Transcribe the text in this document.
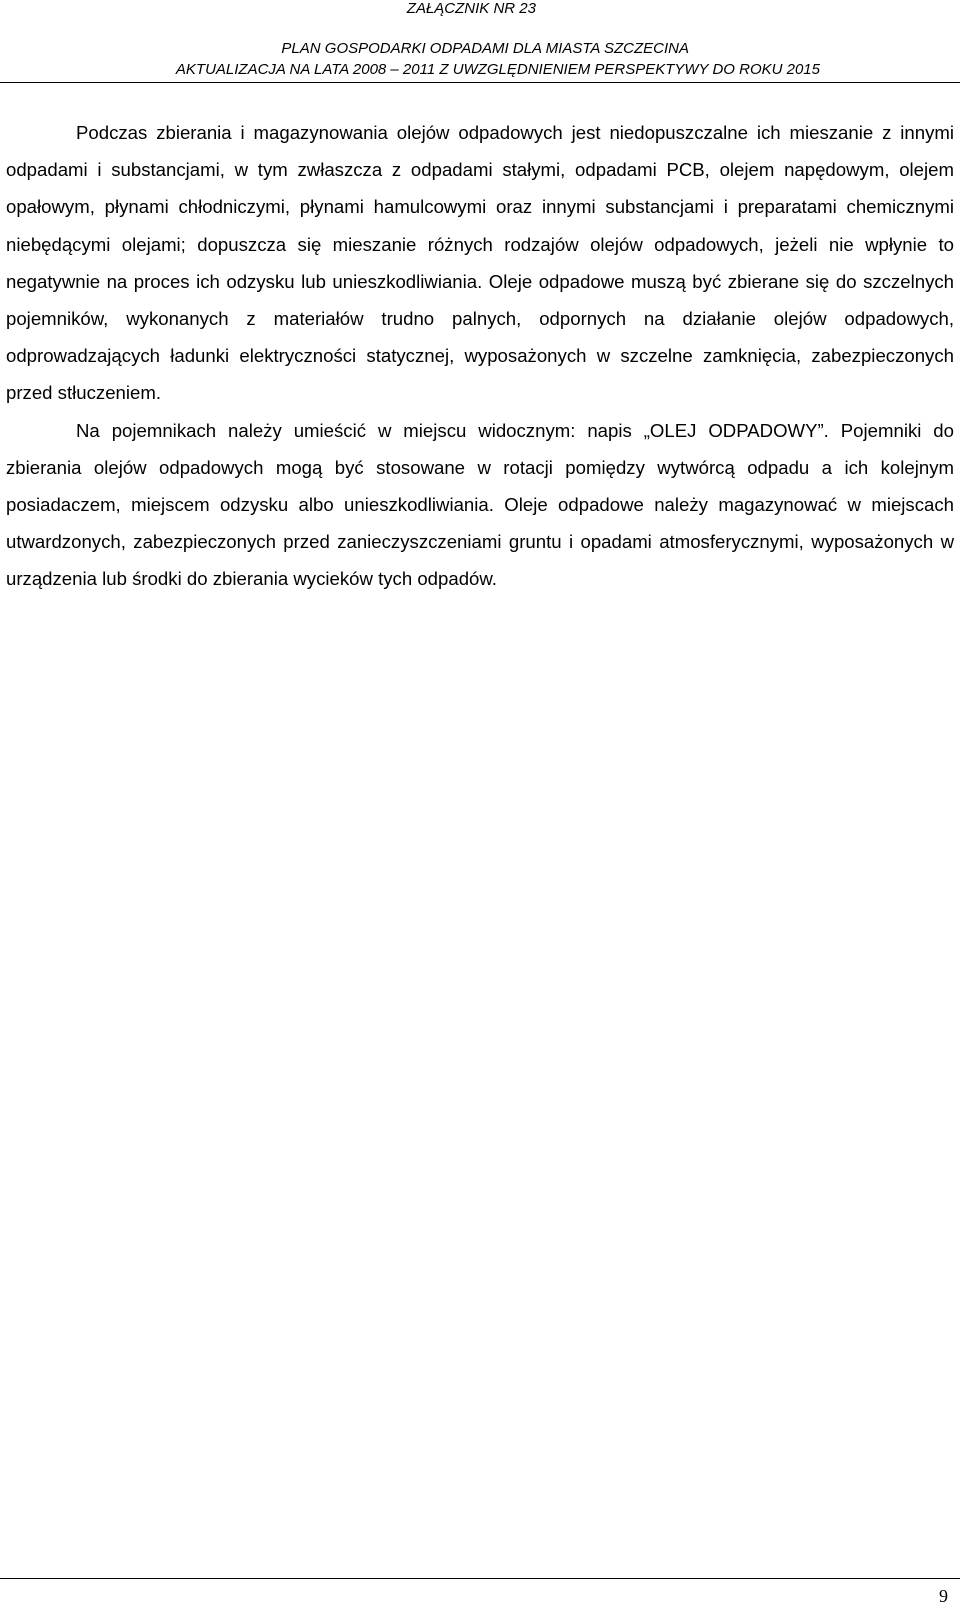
ZAŁĄCZNIK NR 23
PLAN GOSPODARKI ODPADAMI DLA MIASTA SZCZECINA
AKTUALIZACJA NA LATA 2008 – 2011 Z UWZGLĘDNIENIEM PERSPEKTYWY DO ROKU 2015

Podczas zbierania i magazynowania olejów odpadowych jest niedopuszczalne ich mieszanie z innymi odpadami i substancjami, w tym zwłaszcza z odpadami stałymi, odpadami PCB, olejem napędowym, olejem opałowym, płynami chłodniczymi, płynami hamulcowymi oraz innymi substancjami i preparatami chemicznymi niebędącymi olejami; dopuszcza się mieszanie różnych rodzajów olejów odpadowych, jeżeli nie wpłynie to negatywnie na proces ich odzysku lub unieszkodliwiania. Oleje odpadowe muszą być zbierane się do szczelnych pojemników, wykonanych z materiałów trudno palnych, odpornych na działanie olejów odpadowych, odprowadzających ładunki elektryczności statycznej, wyposażonych w szczelne zamknięcia, zabezpieczonych przed stłuczeniem.

Na pojemnikach należy umieścić w miejscu widocznym: napis „OLEJ ODPADOWY”. Pojemniki do zbierania olejów odpadowych mogą być stosowane w rotacji pomiędzy wytwórcą odpadu a ich kolejnym posiadaczem, miejscem odzysku albo unieszkodliwiania. Oleje odpadowe należy magazynować w miejscach utwardzonych, zabezpieczonych przed zanieczyszczeniami gruntu i opadami atmosferycznymi, wyposażonych w urządzenia lub środki do zbierania wycieków tych odpadów.

9
